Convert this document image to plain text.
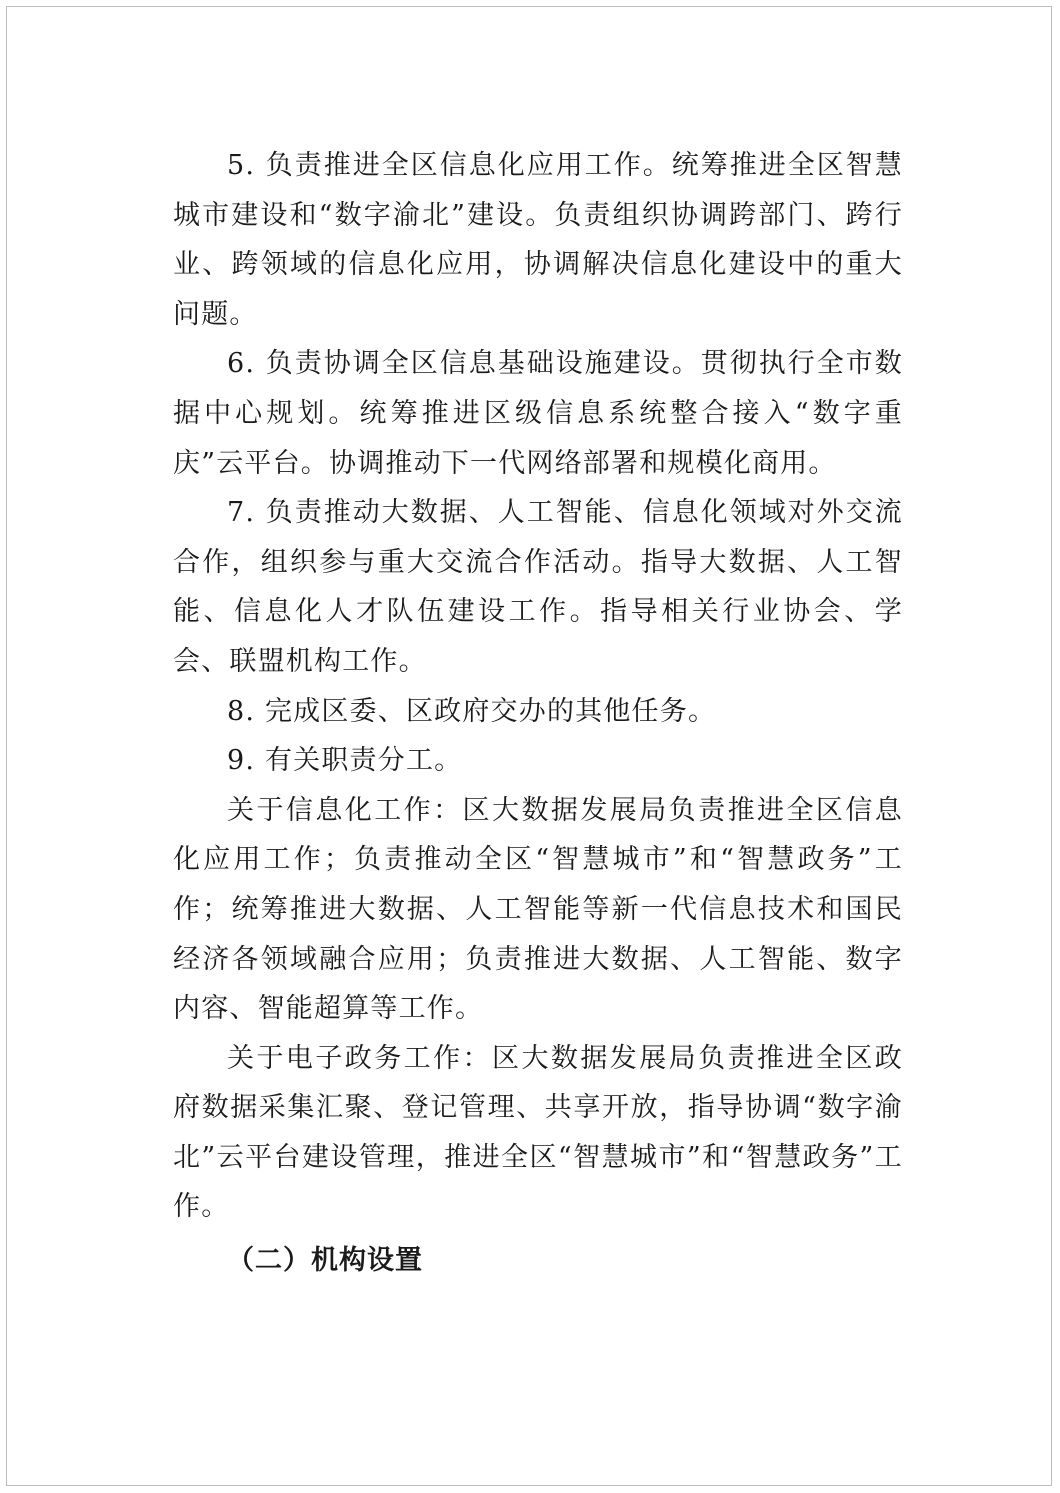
5. 负责推进全区信息化应用工作。统筹推进全区智慧城市建设和“数字渝北”建设。负责组织协调跨部门、跨行业、跨领域的信息化应用，协调解决信息化建设中的重大问题。

6. 负责协调全区信息基础设施建设。贯彻执行全市数据中心规划。统筹推进区级信息系统整合接入“数字重庆”云平台。协调推动下一代网络部署和规模化商用。

7. 负责推动大数据、人工智能、信息化领域对外交流合作，组织参与重大交流合作活动。指导大数据、人工智能、信息化人才队伍建设工作。指导相关行业协会、学会、联盟机构工作。

8. 完成区委、区政府交办的其他任务。

9. 有关职责分工。

关于信息化工作：区大数据发展局负责推进全区信息化应用工作；负责推动全区“智慧城市”和“智慧政务”工作；统筹推进大数据、人工智能等新一代信息技术和国民经济各领域融合应用；负责推进大数据、人工智能、数字内容、智能超算等工作。

关于电子政务工作：区大数据发展局负责推进全区政府数据采集汇聚、登记管理、共享开放，指导协调“数字渝北”云平台建设管理，推进全区“智慧城市”和“智慧政务”工作。

（二）机构设置
